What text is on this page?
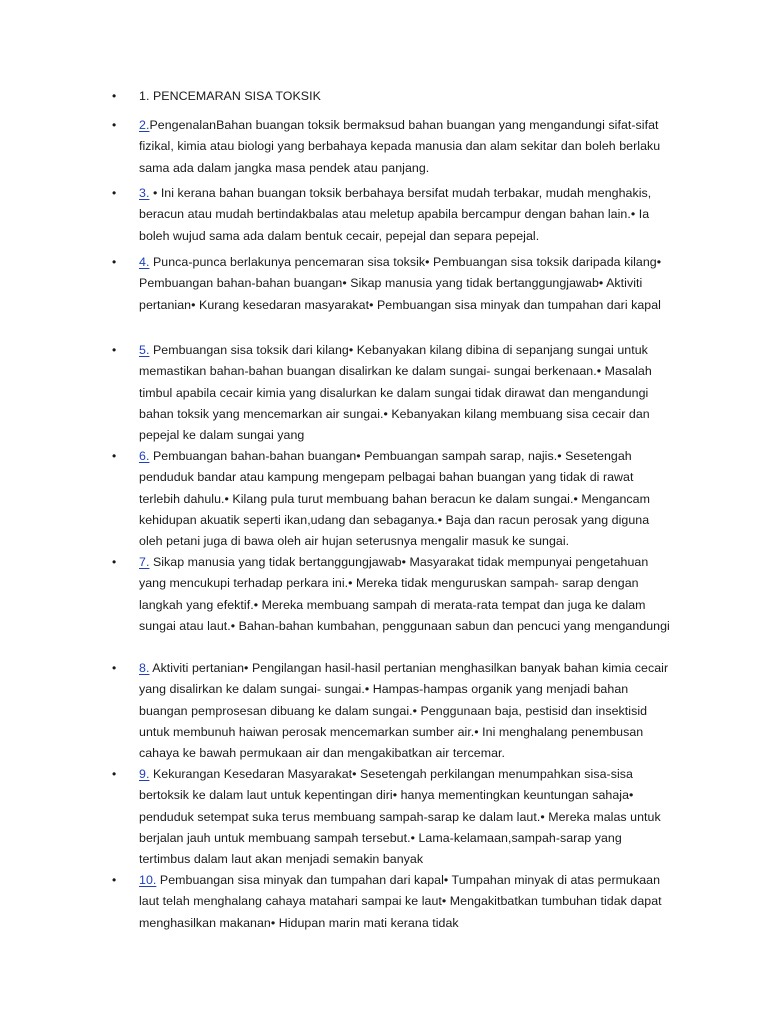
•	1. PENCEMARAN SISA TOKSIK
•	2.PengenalanBahan buangan toksik bermaksud bahan buangan yang mengandungi sifat-sifat fizikal, kimia atau biologi yang berbahaya kepada manusia dan alam sekitar dan boleh berlaku sama ada dalam jangka masa pendek atau panjang.
•	3. • Ini kerana bahan buangan toksik berbahaya bersifat mudah terbakar, mudah menghakis, beracun atau mudah bertindakbalas atau meletup apabila bercampur dengan bahan lain.• Ia boleh wujud sama ada dalam bentuk cecair, pepejal dan separa pepejal.
•	4. Punca-punca berlakunya pencemaran sisa toksik• Pembuangan sisa toksik daripada kilang• Pembuangan bahan-bahan buangan• Sikap manusia yang tidak bertanggungjawab• Aktiviti pertanian• Kurang kesedaran masyarakat• Pembuangan sisa minyak dan tumpahan dari kapal
•	5. Pembuangan sisa toksik dari kilang• Kebanyakan kilang dibina di sepanjang sungai untuk memastikan bahan-bahan buangan disalirkan ke dalam sungai- sungai berkenaan.• Masalah timbul apabila cecair kimia yang disalurkan ke dalam sungai tidak dirawat dan mengandungi bahan toksik yang mencemarkan air sungai.• Kebanyakan kilang membuang sisa cecair dan pepejal ke dalam sungai yang
•	6. Pembuangan bahan-bahan buangan• Pembuangan sampah sarap, najis.• Sesetengah penduduk bandar atau kampung mengepam pelbagai bahan buangan yang tidak di rawat terlebih dahulu.• Kilang pula turut membuang bahan beracun ke dalam sungai.• Mengancam kehidupan akuatik seperti ikan,udang dan sebaganya.• Baja dan racun perosak yang diguna oleh petani juga di bawa oleh air hujan seterusnya mengalir masuk ke sungai.
•	7. Sikap manusia yang tidak bertanggungjawab• Masyarakat tidak mempunyai pengetahuan yang mencukupi terhadap perkara ini.• Mereka tidak menguruskan sampah- sarap dengan langkah yang efektif.• Mereka membuang sampah di merata-rata tempat dan juga ke dalam sungai atau laut.• Bahan-bahan kumbahan, penggunaan sabun dan pencuci yang mengandungi
•	8. Aktiviti pertanian• Pengilangan hasil-hasil pertanian menghasilkan banyak bahan kimia cecair yang disalirkan ke dalam sungai- sungai.• Hampas-hampas organik yang menjadi bahan buangan pemprosesan dibuang ke dalam sungai.• Penggunaan baja, pestisid dan insektisid untuk membunuh haiwan perosak mencemarkan sumber air.• Ini menghalang penembusan cahaya ke bawah permukaan air dan mengakibatkan air tercemar.
•	9. Kekurangan Kesedaran Masyarakat• Sesetengah perkilangan menumpahkan sisa-sisa bertoksik ke dalam laut untuk kepentingan diri• hanya mementingkan keuntungan sahaja• penduduk setempat suka terus membuang sampah-sarap ke dalam laut.• Mereka malas untuk berjalan jauh untuk membuang sampah tersebut.• Lama-kelamaan,sampah-sarap yang tertimbus dalam laut akan menjadi semakin banyak
•	10. Pembuangan sisa minyak dan tumpahan dari kapal• Tumpahan minyak di atas permukaan laut telah menghalang cahaya matahari sampai ke laut• Mengakitbatkan tumbuhan tidak dapat menghasilkan makanan• Hidupan marin mati kerana tidak
